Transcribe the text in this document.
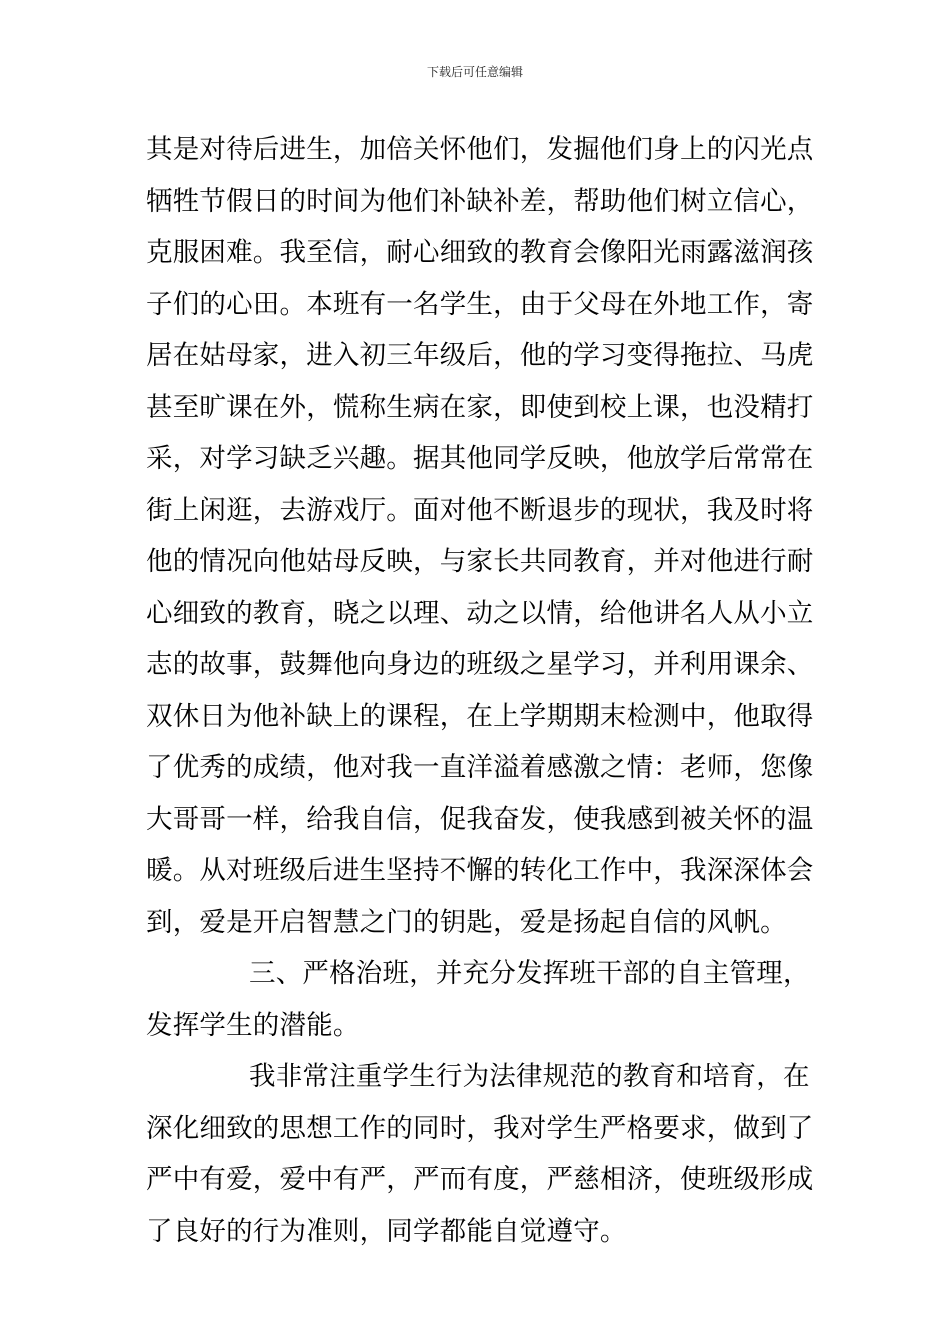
下载后可任意编辑
其是对待后进生，加倍关怀他们，发掘他们身上的闪光点
牺牲节假日的时间为他们补缺补差，帮助他们树立信心，
克服困难。我至信，耐心细致的教育会像阳光雨露滋润孩
子们的心田。本班有一名学生，由于父母在外地工作，寄
居在姑母家，进入初三年级后，他的学习变得拖拉、马虎
甚至旷课在外，慌称生病在家，即使到校上课，也没精打
采，对学习缺乏兴趣。据其他同学反映，他放学后常常在
街上闲逛，去游戏厅。面对他不断退步的现状，我及时将
他的情况向他姑母反映，与家长共同教育，并对他进行耐
心细致的教育，晓之以理、动之以情，给他讲名人从小立
志的故事，鼓舞他向身边的班级之星学习，并利用课余、
双休日为他补缺上的课程，在上学期期末检测中，他取得
了优秀的成绩，他对我一直洋溢着感激之情：老师，您像
大哥哥一样，给我自信，促我奋发，使我感到被关怀的温
暖。从对班级后进生坚持不懈的转化工作中，我深深体会
到，爱是开启智慧之门的钥匙，爱是扬起自信的风帆。
三、严格治班，并充分发挥班干部的自主管理，
发挥学生的潜能。
我非常注重学生行为法律规范的教育和培育，在
深化细致的思想工作的同时，我对学生严格要求，做到了
严中有爱，爱中有严，严而有度，严慈相济，使班级形成
了良好的行为准则，同学都能自觉遵守。
